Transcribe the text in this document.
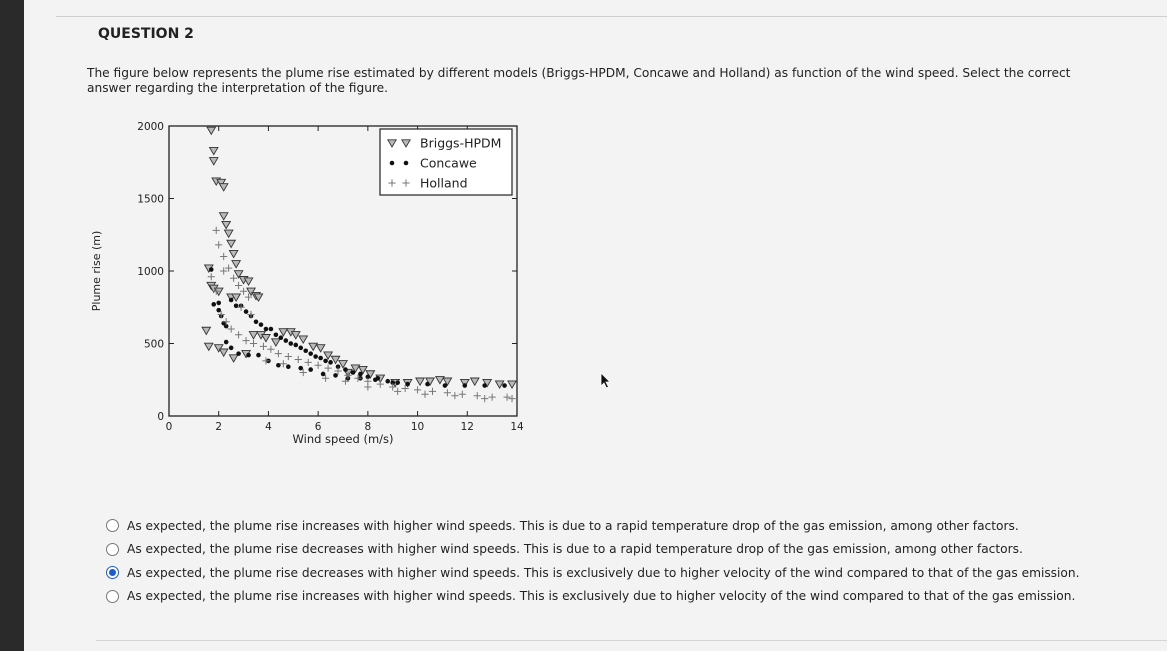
QUESTION 2
The figure below represents the plume rise estimated by different models (Briggs-HPDM, Concawe and Holland) as function of the wind speed. Select the correct answer regarding the interpretation of the figure.
0	2	4	6	8	10	12	14
0
500
1000
1500
2000
Wind speed (m/s)
Plume rise (m)
Briggs-HPDM
Concawe
Holland
As expected, the plume rise increases with higher wind speeds. This is due to a rapid temperature drop of the gas emission, among other factors.
As expected, the plume rise decreases with higher wind speeds. This is due to a rapid temperature drop of the gas emission, among other factors.
As expected, the plume rise decreases with higher wind speeds. This is exclusively due to higher velocity of the wind compared to that of the gas emission.
As expected, the plume rise increases with higher wind speeds. This is exclusively due to higher velocity of the wind compared to that of the gas emission.
